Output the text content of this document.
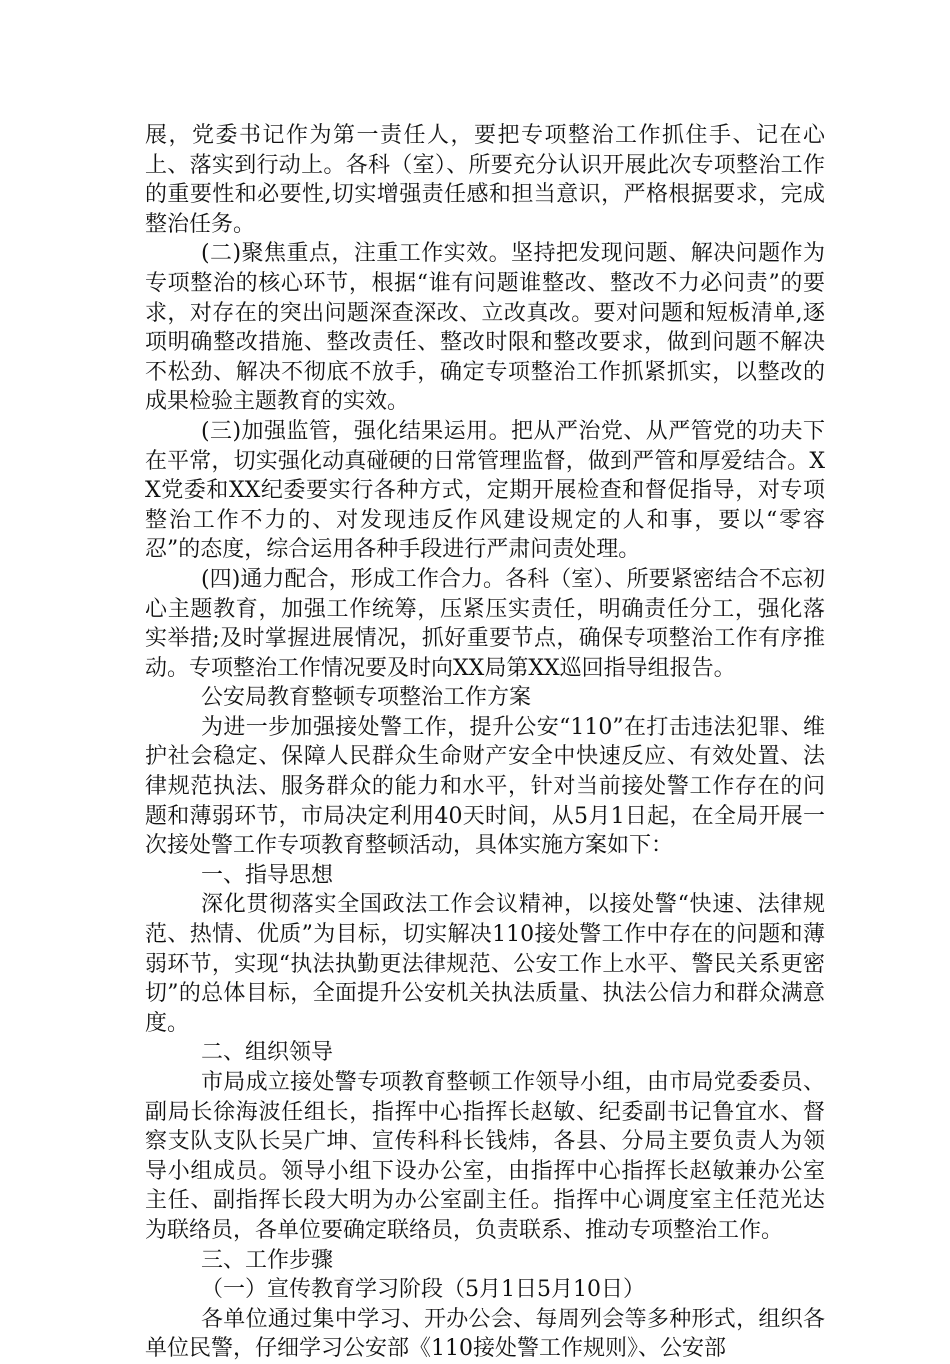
展，党委书记作为第一责任人，要把专项整治工作抓住手、记在心上、落实到行动上。各科（室）、所要充分认识开展此次专项整治工作的重要性和必要性,切实增强责任感和担当意识，严格根据要求，完成整治任务。

(二)聚焦重点，注重工作实效。坚持把发现问题、解决问题作为专项整治的核心环节，根据“谁有问题谁整改、整改不力必问责”的要求，对存在的突出问题深查深改、立改真改。要对问题和短板清单,逐项明确整改措施、整改责任、整改时限和整改要求，做到问题不解决不松劲、解决不彻底不放手，确定专项整治工作抓紧抓实，以整改的成果检验主题教育的实效。

(三)加强监管，强化结果运用。把从严治党、从严管党的功夫下在平常，切实强化动真碰硬的日常管理监督，做到严管和厚爱结合。XX党委和XX纪委要实行各种方式，定期开展检查和督促指导，对专项整治工作不力的、对发现违反作风建设规定的人和事，要以“零容忍”的态度，综合运用各种手段进行严肃问责处理。

(四)通力配合，形成工作合力。各科（室）、所要紧密结合不忘初心主题教育，加强工作统筹，压紧压实责任，明确责任分工，强化落实举措;及时掌握进展情况，抓好重要节点，确保专项整治工作有序推动。专项整治工作情况要及时向XX局第XX巡回指导组报告。

公安局教育整顿专项整治工作方案

为进一步加强接处警工作，提升公安“110”在打击违法犯罪、维护社会稳定、保障人民群众生命财产安全中快速反应、有效处置、法律规范执法、服务群众的能力和水平，针对当前接处警工作存在的问题和薄弱环节，市局决定利用40天时间，从5月1日起，在全局开展一次接处警工作专项教育整顿活动，具体实施方案如下：

一、指导思想

深化贯彻落实全国政法工作会议精神，以接处警“快速、法律规范、热情、优质”为目标，切实解决110接处警工作中存在的问题和薄弱环节，实现“执法执勤更法律规范、公安工作上水平、警民关系更密切”的总体目标，全面提升公安机关执法质量、执法公信力和群众满意度。

二、组织领导

市局成立接处警专项教育整顿工作领导小组，由市局党委委员、副局长徐海波任组长，指挥中心指挥长赵敏、纪委副书记鲁宜水、督察支队支队长吴广坤、宣传科科长钱炜，各县、分局主要负责人为领导小组成员。领导小组下设办公室，由指挥中心指挥长赵敏兼办公室主任、副指挥长段大明为办公室副主任。指挥中心调度室主任范光达为联络员，各单位要确定联络员，负责联系、推动专项整治工作。

三、工作步骤

（一）宣传教育学习阶段（5月1日5月10日）

各单位通过集中学习、开办公会、每周列会等多种形式，组织各单位民警，仔细学习公安部《110接处警工作规则》、公安部
